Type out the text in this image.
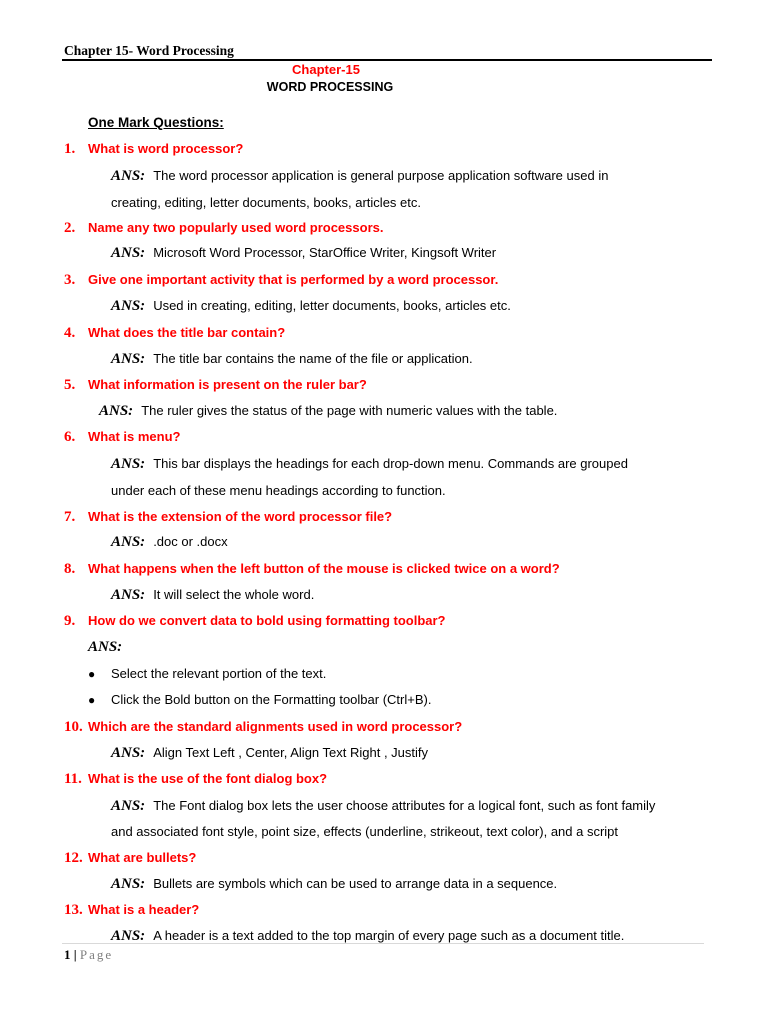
Chapter 15- Word Processing
Chapter-15
WORD PROCESSING
One Mark Questions:
1. What is word processor?
ANS: The word processor application is general purpose application software used in
creating, editing, letter documents, books, articles etc.
2. Name any two popularly used word processors.
ANS: Microsoft Word Processor, StarOffice Writer, Kingsoft Writer
3. Give one important activity that is performed by a word processor.
ANS: Used in creating, editing, letter documents, books, articles etc.
4. What does the title bar contain?
ANS: The title bar contains the name of the file or application.
5. What information is present on the ruler bar?
ANS: The ruler gives the status of the page with numeric values with the table.
6. What is menu?
ANS: This bar displays the headings for each drop-down menu. Commands are grouped
under each of these menu headings according to function.
7. What is the extension of the word processor file?
ANS: .doc or .docx
8. What happens when the left button of the mouse is clicked twice on a word?
ANS: It will select the whole word.
9. How do we convert data to bold using formatting toolbar?
ANS:
● Select the relevant portion of the text.
● Click the Bold button on the Formatting toolbar (Ctrl+B).
10. Which are the standard alignments used in word processor?
ANS: Align Text Left , Center, Align Text Right , Justify
11. What is the use of the font dialog box?
ANS: The Font dialog box lets the user choose attributes for a logical font, such as font family
and associated font style, point size, effects (underline, strikeout, text color), and a script
12. What are bullets?
ANS: Bullets are symbols which can be used to arrange data in a sequence.
13. What is a header?
ANS: A header is a text added to the top margin of every page such as a document title.
1 | Page
